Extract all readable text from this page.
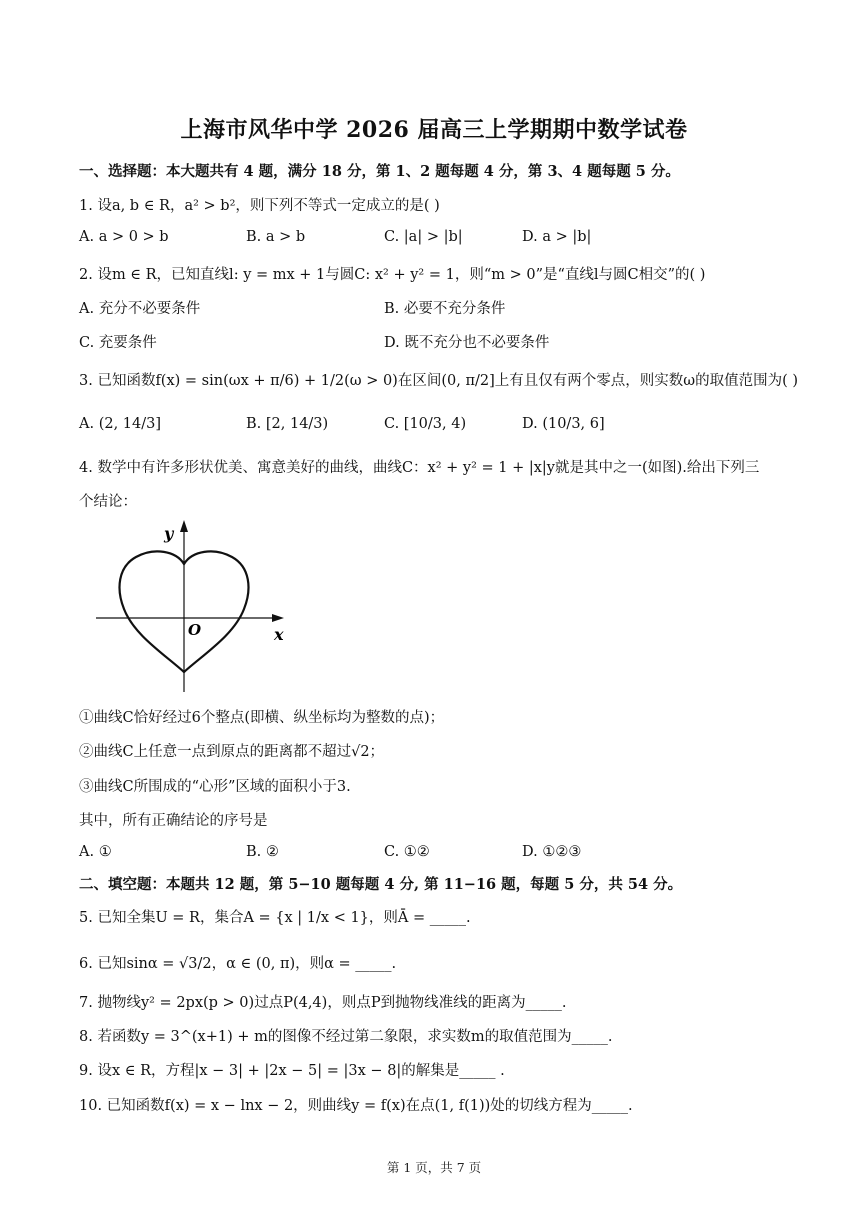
上海市风华中学 2026 届高三上学期期中数学试卷
一、选择题：本大题共有 4 题，满分 18 分，第 1、2 题每题 4 分，第 3、4 题每题 5 分。
1. 设a, b ∈ R，a² > b²，则下列不等式一定成立的是( )
A. a > 0 > b	B. a > b	C. |a| > |b|	D. a > |b|
2. 设m ∈ R，已知直线l: y = mx + 1与圆C: x² + y² = 1，则“m > 0”是“直线l与圆C相交”的( )
A. 充分不必要条件	B. 必要不充分条件
C. 充要条件	D. 既不充分也不必要条件
3. 已知函数f(x) = sin(ωx + π/6) + 1/2(ω > 0)在区间(0, π/2]上有且仅有两个零点，则实数ω的取值范围为( )
A. (2, 14/3]	B. [2, 14/3)	C. [10/3, 4)	D. (10/3, 6]
4. 数学中有许多形状优美、寓意美好的曲线，曲线C：x² + y² = 1 + |x|y就是其中之一(如图).给出下列三
个结论：
y
x
O
①曲线C恰好经过6个整点(即横、纵坐标均为整数的点)；
②曲线C上任意一点到原点的距离都不超过√2；
③曲线C所围成的“心形”区域的面积小于3.
其中，所有正确结论的序号是
A. ①	B. ②	C. ①②	D. ①②③
二、填空题：本题共 12 题，第 5−10 题每题 4 分, 第 11−16 题，每题 5 分，共 54 分。
5. 已知全集U = R，集合A = {x | 1/x < 1}，则Ā = _____.
6. 已知sinα = √3/2，α ∈ (0, π)，则α = _____.
7. 抛物线y² = 2px(p > 0)过点P(4,4)，则点P到抛物线准线的距离为_____.
8. 若函数y = 3^(x+1) + m的图像不经过第二象限，求实数m的取值范围为_____.
9. 设x ∈ R，方程|x − 3| + |2x − 5| = |3x − 8|的解集是_____ .
10. 已知函数f(x) = x − lnx − 2，则曲线y = f(x)在点(1, f(1))处的切线方程为_____.
第 1 页，共 7 页
